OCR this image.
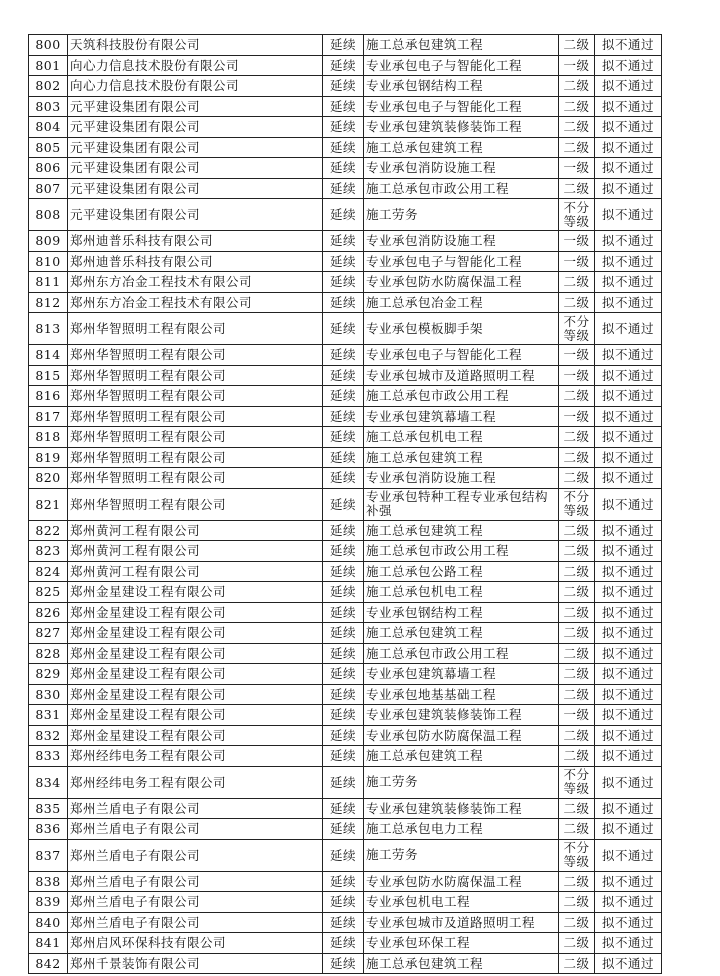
800	天筑科技股份有限公司	延续	施工总承包建筑工程	二级	拟不通过
801	向心力信息技术股份有限公司	延续	专业承包电子与智能化工程	一级	拟不通过
802	向心力信息技术股份有限公司	延续	专业承包钢结构工程	二级	拟不通过
803	元平建设集团有限公司	延续	专业承包电子与智能化工程	二级	拟不通过
804	元平建设集团有限公司	延续	专业承包建筑装修装饰工程	二级	拟不通过
805	元平建设集团有限公司	延续	施工总承包建筑工程	二级	拟不通过
806	元平建设集团有限公司	延续	专业承包消防设施工程	一级	拟不通过
807	元平建设集团有限公司	延续	施工总承包市政公用工程	二级	拟不通过
808	元平建设集团有限公司	延续	施工劳务	不分等级	拟不通过
809	郑州迪普乐科技有限公司	延续	专业承包消防设施工程	一级	拟不通过
810	郑州迪普乐科技有限公司	延续	专业承包电子与智能化工程	一级	拟不通过
811	郑州东方冶金工程技术有限公司	延续	专业承包防水防腐保温工程	二级	拟不通过
812	郑州东方冶金工程技术有限公司	延续	施工总承包冶金工程	二级	拟不通过
813	郑州华智照明工程有限公司	延续	专业承包模板脚手架	不分等级	拟不通过
814	郑州华智照明工程有限公司	延续	专业承包电子与智能化工程	一级	拟不通过
815	郑州华智照明工程有限公司	延续	专业承包城市及道路照明工程	一级	拟不通过
816	郑州华智照明工程有限公司	延续	施工总承包市政公用工程	二级	拟不通过
817	郑州华智照明工程有限公司	延续	专业承包建筑幕墙工程	一级	拟不通过
818	郑州华智照明工程有限公司	延续	施工总承包机电工程	二级	拟不通过
819	郑州华智照明工程有限公司	延续	施工总承包建筑工程	二级	拟不通过
820	郑州华智照明工程有限公司	延续	专业承包消防设施工程	二级	拟不通过
821	郑州华智照明工程有限公司	延续	专业承包特种工程专业承包结构补强	不分等级	拟不通过
822	郑州黄河工程有限公司	延续	施工总承包建筑工程	二级	拟不通过
823	郑州黄河工程有限公司	延续	施工总承包市政公用工程	二级	拟不通过
824	郑州黄河工程有限公司	延续	施工总承包公路工程	二级	拟不通过
825	郑州金星建设工程有限公司	延续	施工总承包机电工程	二级	拟不通过
826	郑州金星建设工程有限公司	延续	专业承包钢结构工程	二级	拟不通过
827	郑州金星建设工程有限公司	延续	施工总承包建筑工程	二级	拟不通过
828	郑州金星建设工程有限公司	延续	施工总承包市政公用工程	二级	拟不通过
829	郑州金星建设工程有限公司	延续	专业承包建筑幕墙工程	二级	拟不通过
830	郑州金星建设工程有限公司	延续	专业承包地基基础工程	二级	拟不通过
831	郑州金星建设工程有限公司	延续	专业承包建筑装修装饰工程	一级	拟不通过
832	郑州金星建设工程有限公司	延续	专业承包防水防腐保温工程	二级	拟不通过
833	郑州经纬电务工程有限公司	延续	施工总承包建筑工程	二级	拟不通过
834	郑州经纬电务工程有限公司	延续	施工劳务	不分等级	拟不通过
835	郑州兰盾电子有限公司	延续	专业承包建筑装修装饰工程	二级	拟不通过
836	郑州兰盾电子有限公司	延续	施工总承包电力工程	二级	拟不通过
837	郑州兰盾电子有限公司	延续	施工劳务	不分等级	拟不通过
838	郑州兰盾电子有限公司	延续	专业承包防水防腐保温工程	二级	拟不通过
839	郑州兰盾电子有限公司	延续	专业承包机电工程	二级	拟不通过
840	郑州兰盾电子有限公司	延续	专业承包城市及道路照明工程	二级	拟不通过
841	郑州启风环保科技有限公司	延续	专业承包环保工程	二级	拟不通过
842	郑州千景装饰有限公司	延续	施工总承包建筑工程	二级	拟不通过
